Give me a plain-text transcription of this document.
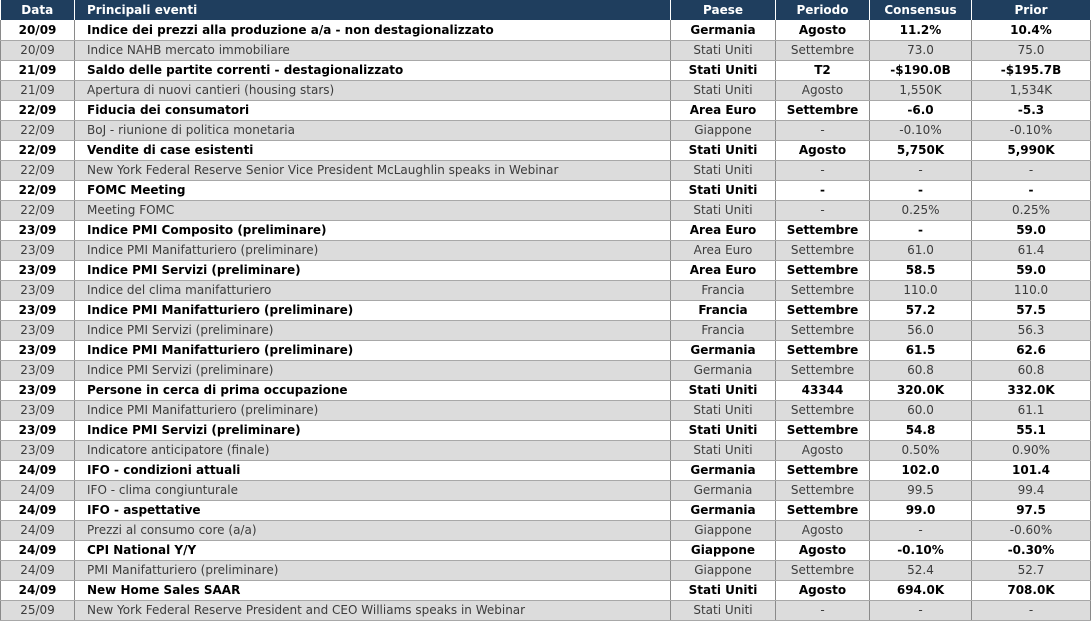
Data	Principali eventi	Paese	Periodo	Consensus	Prior
20/09	Indice dei prezzi alla produzione a/a - non destagionalizzato	Germania	Agosto	11.2%	10.4%
20/09	Indice NAHB mercato immobiliare	Stati Uniti	Settembre	73.0	75.0
21/09	Saldo delle partite correnti - destagionalizzato	Stati Uniti	T2	-$190.0B	-$195.7B
21/09	Apertura di nuovi cantieri (housing stars)	Stati Uniti	Agosto	1,550K	1,534K
22/09	Fiducia dei consumatori	Area Euro	Settembre	-6.0	-5.3
22/09	BoJ - riunione di politica monetaria	Giappone	-	-0.10%	-0.10%
22/09	Vendite di case esistenti	Stati Uniti	Agosto	5,750K	5,990K
22/09	New York Federal Reserve Senior Vice President McLaughlin speaks in Webinar	Stati Uniti	-	-	-
22/09	FOMC Meeting	Stati Uniti	-	-	-
22/09	Meeting FOMC	Stati Uniti	-	0.25%	0.25%
23/09	Indice PMI Composito (preliminare)	Area Euro	Settembre	-	59.0
23/09	Indice PMI Manifatturiero (preliminare)	Area Euro	Settembre	61.0	61.4
23/09	Indice PMI Servizi (preliminare)	Area Euro	Settembre	58.5	59.0
23/09	Indice del clima manifatturiero	Francia	Settembre	110.0	110.0
23/09	Indice PMI Manifatturiero (preliminare)	Francia	Settembre	57.2	57.5
23/09	Indice PMI Servizi (preliminare)	Francia	Settembre	56.0	56.3
23/09	Indice PMI Manifatturiero (preliminare)	Germania	Settembre	61.5	62.6
23/09	Indice PMI Servizi (preliminare)	Germania	Settembre	60.8	60.8
23/09	Persone in cerca di prima occupazione	Stati Uniti	43344	320.0K	332.0K
23/09	Indice PMI Manifatturiero (preliminare)	Stati Uniti	Settembre	60.0	61.1
23/09	Indice PMI Servizi (preliminare)	Stati Uniti	Settembre	54.8	55.1
23/09	Indicatore anticipatore (finale)	Stati Uniti	Agosto	0.50%	0.90%
24/09	IFO - condizioni attuali	Germania	Settembre	102.0	101.4
24/09	IFO - clima congiunturale	Germania	Settembre	99.5	99.4
24/09	IFO - aspettative	Germania	Settembre	99.0	97.5
24/09	Prezzi al consumo core (a/a)	Giappone	Agosto	-	-0.60%
24/09	CPI National Y/Y	Giappone	Agosto	-0.10%	-0.30%
24/09	PMI Manifatturiero (preliminare)	Giappone	Settembre	52.4	52.7
24/09	New Home Sales SAAR	Stati Uniti	Agosto	694.0K	708.0K
25/09	New York Federal Reserve President and CEO Williams speaks in Webinar	Stati Uniti	-	-	-
